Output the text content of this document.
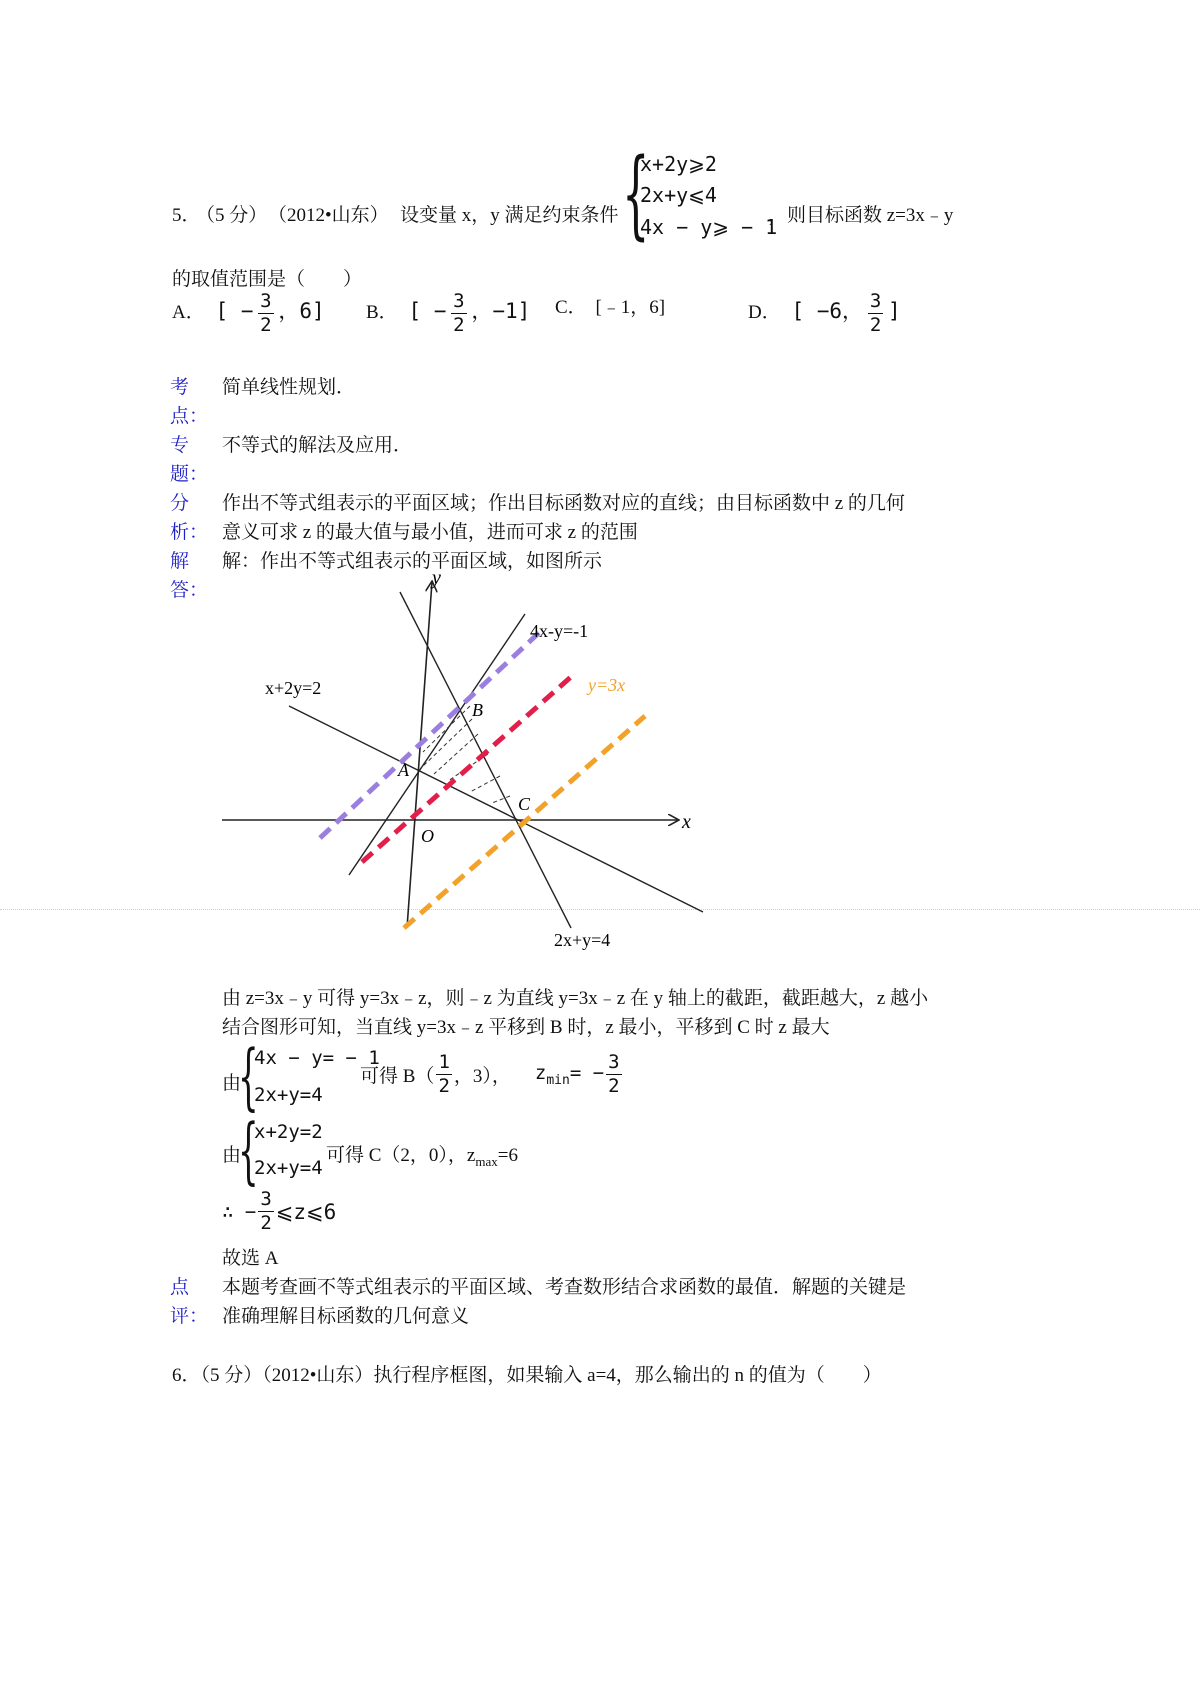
5．
（5 分） （2012•山东） 设变量 x，y 满足约束条件 {
x+2y⩾2
2x+y⩽4
4x − y⩾ − 1
，则目标函数 z=3x﹣y
的取值范围是（　　）
A． [ − $\frac{3}{2}$ ，6] B． [ − $\frac{3}{2}$ ，−1] C． [﹣1，6]	D． [ −6， $\frac{3}{2}$ ]
考
点：
简单线性规划．
专
题：
不等式的解法及应用．
分
析：
作出不等式组表示的平面区域；作出目标函数对应的直线；由目标函数中 z 的几何
意义可求 z 的最大值与最小值，进而可求 z 的范围
解
答：
解：作出不等式组表示的平面区域，如图所示
y
x
O
A
B
C
x+2y=2
2x+y=4
4x-y=-1
y=3x
由 z=3x﹣y 可得 y=3x﹣z，则﹣z 为直线 y=3x﹣z 在 y 轴上的截距，截距越大，z 越小
结合图形可知，当直线 y=3x﹣z 平移到 B 时，z 最小，平移到 C 时 z 最大
由
{
4x − y= − 1
2x+y=4
可得 $B( \frac{1}{2}$ ，3）， $z_{min}= - \frac{3}{2}$
由
{
x+2y=2
2x+y=4
可得 C（2，0），$z_{max}=6$
∴ − $\frac{3}{2}$ ⩽z⩽6
故选 A
点
评：
本题考查画不等式组表示的平面区域、考查数形结合求函数的最值．解题的关键是
准确理解目标函数的几何意义
6．（5 分）（2012•山东）执行程序框图，如果输入 a=4，那么输出的 n 的值为（　　）
